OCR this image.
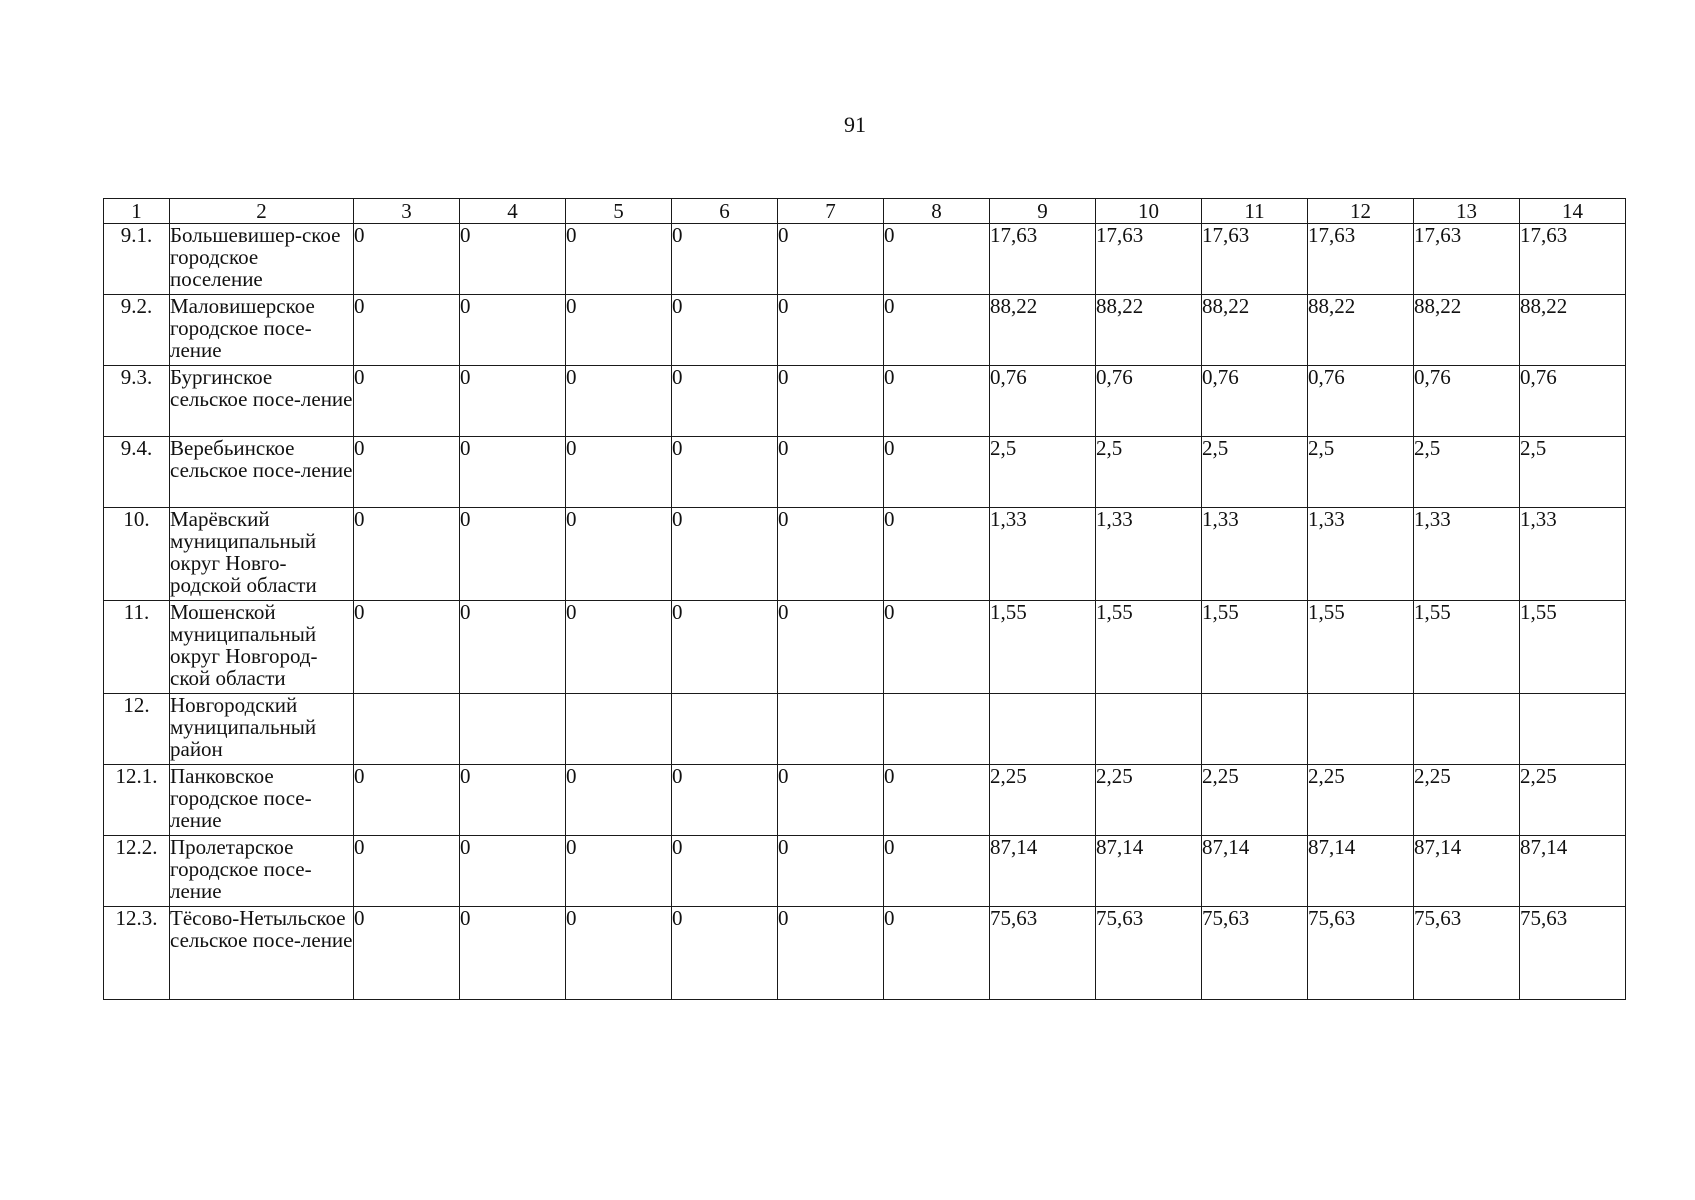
91
1	2	3	4	5	6	7	8	9	10	11	12	13	14
9.1.	Большевишер-ское городское поселение	0	0	0	0	0	0	17,63	17,63	17,63	17,63	17,63	17,63
9.2.	Маловишерское городское посе-ление	0	0	0	0	0	0	88,22	88,22	88,22	88,22	88,22	88,22
9.3.	Бургинское сельское посе-ление	0	0	0	0	0	0	0,76	0,76	0,76	0,76	0,76	0,76
9.4.	Веребьинское сельское посе-ление	0	0	0	0	0	0	2,5	2,5	2,5	2,5	2,5	2,5
10.	Марёвский муниципальный округ Новго-родской области	0	0	0	0	0	0	1,33	1,33	1,33	1,33	1,33	1,33
11.	Мошенской муниципальный округ Новгород-ской области	0	0	0	0	0	0	1,55	1,55	1,55	1,55	1,55	1,55
12.	Новгородский муниципальный район												
12.1.	Панковское городское посе-ление	0	0	0	0	0	0	2,25	2,25	2,25	2,25	2,25	2,25
12.2.	Пролетарское городское посе-ление	0	0	0	0	0	0	87,14	87,14	87,14	87,14	87,14	87,14
12.3.	Тёсово-Нетыльское сельское посе-ление	0	0	0	0	0	0	75,63	75,63	75,63	75,63	75,63	75,63
